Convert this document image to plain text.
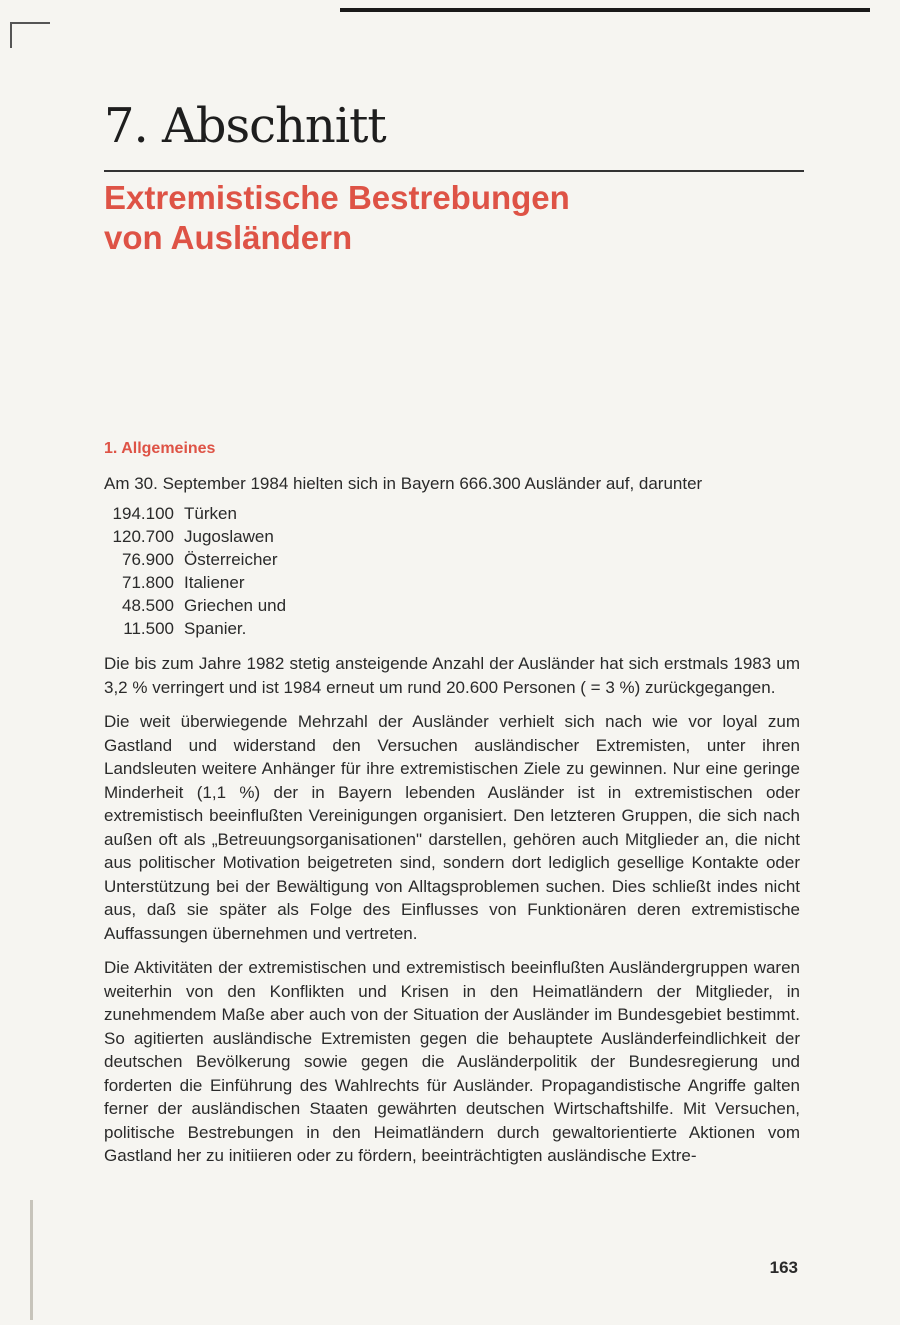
7. Abschnitt
Extremistische Bestrebungen
von Ausländern
1. Allgemeines
Am 30. September 1984 hielten sich in Bayern 666.300 Ausländer auf, darunter
194.100 Türken
120.700 Jugoslawen
76.900 Österreicher
71.800 Italiener
48.500 Griechen und
11.500 Spanier.

Die bis zum Jahre 1982 stetig ansteigende Anzahl der Ausländer hat sich erstmals 1983 um 3,2 % verringert und ist 1984 erneut um rund 20.600 Personen ( = 3 %) zurückgegangen.

Die weit überwiegende Mehrzahl der Ausländer verhielt sich nach wie vor loyal zum Gastland und widerstand den Versuchen ausländischer Extremisten, unter ihren Landsleuten weitere Anhänger für ihre extremistischen Ziele zu gewinnen. Nur eine geringe Minderheit (1,1 %) der in Bayern lebenden Ausländer ist in extremistischen oder extremistisch beeinflußten Vereinigungen organisiert. Den letzteren Gruppen, die sich nach außen oft als „Betreuungsorganisationen" darstellen, gehören auch Mitglieder an, die nicht aus politischer Motivation beigetreten sind, sondern dort lediglich gesellige Kontakte oder Unterstützung bei der Bewältigung von Alltagsproblemen suchen. Dies schließt indes nicht aus, daß sie später als Folge des Einflusses von Funktionären deren extremistische Auffassungen übernehmen und vertreten.

Die Aktivitäten der extremistischen und extremistisch beeinflußten Ausländergruppen waren weiterhin von den Konflikten und Krisen in den Heimatländern der Mitglieder, in zunehmendem Maße aber auch von der Situation der Ausländer im Bundesgebiet bestimmt. So agitierten ausländische Extremisten gegen die behauptete Ausländerfeindlichkeit der deutschen Bevölkerung sowie gegen die Ausländerpolitik der Bundesregierung und forderten die Einführung des Wahlrechts für Ausländer. Propagandistische Angriffe galten ferner der ausländischen Staaten gewährten deutschen Wirtschaftshilfe. Mit Versuchen, politische Bestrebungen in den Heimatländern durch gewaltorientierte Aktionen vom Gastland her zu initiieren oder zu fördern, beeinträchtigten ausländische Extre-

163
